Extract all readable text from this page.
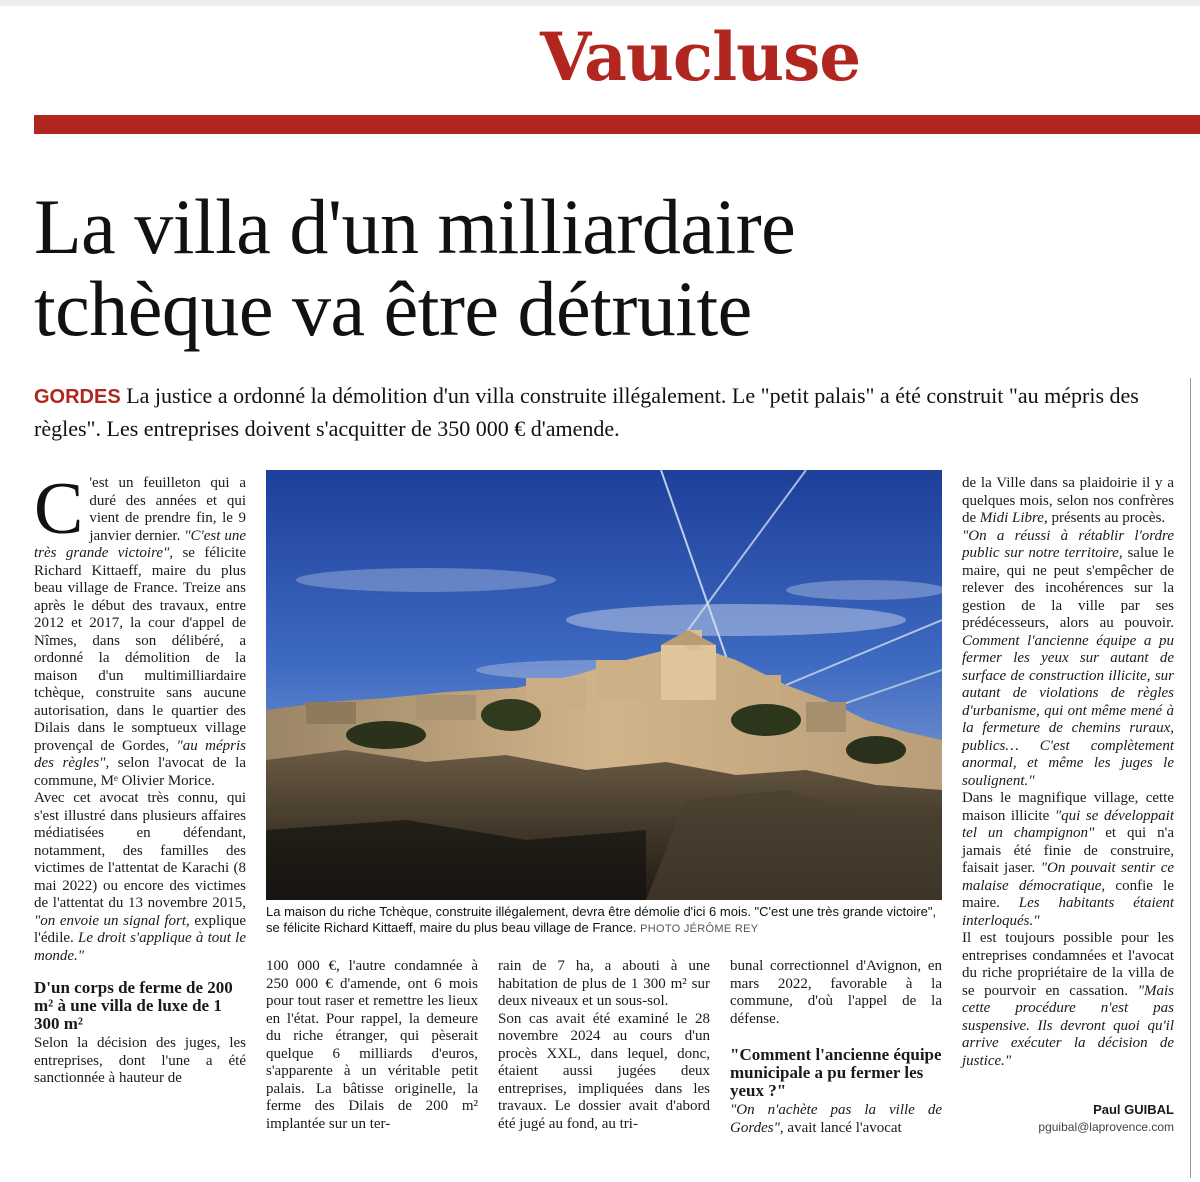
Vaucluse
La villa d'un milliardaire
tchèque va être détruite
GORDES La justice a ordonné la démolition d'un villa construite illégalement. Le "petit palais" a été construit "au mépris des règles". Les entreprises doivent s'acquitter de 350 000 € d'amende.

C 'est un feuilleton qui a duré des années et qui vient de prendre fin, le 9 janvier dernier. "C'est une très grande victoire", se félicite Richard Kittaeff, maire du plus beau village de France. Treize ans après le début des travaux, entre 2012 et 2017, la cour d'appel de Nîmes, dans son délibéré, a ordonné la démolition de la maison d'un multimilliardaire tchèque, construite sans aucune autorisation, dans le quartier des Dilais dans le somptueux village provençal de Gordes, "au mépris des règles", selon l'avocat de la commune, Mᵉ Olivier Morice.

Avec cet avocat très connu, qui s'est illustré dans plusieurs affaires médiatisées en défendant, notamment, des familles des victimes de l'attentat de Karachi (8 mai 2022) ou encore des victimes de l'attentat du 13 novembre 2015, "on envoie un signal fort, explique l'édile. Le droit s'applique à tout le monde."

D'un corps de ferme de 200 m² à une villa de luxe de 1 300 m²

Selon la décision des juges, les entreprises, dont l'une a été sanctionnée à hauteur de

La maison du riche Tchèque, construite illégalement, devra être démolie d'ici 6 mois. "C'est une très grande victoire", se félicite Richard Kittaeff, maire du plus beau village de France. PHOTO JÉRÔME REY

100 000 €, l'autre condamnée à 250 000 € d'amende, ont 6 mois pour tout raser et remettre les lieux en l'état. Pour rappel, la demeure du riche étranger, qui pèserait quelque 6 milliards d'euros, s'apparente à un véritable petit palais. La bâtisse originelle, la ferme des Dilais de 200 m² implantée sur un ter-

rain de 7 ha, a abouti à une habitation de plus de 1 300 m² sur deux niveaux et un sous-sol.

Son cas avait été examiné le 28 novembre 2024 au cours d'un procès XXL, dans lequel, donc, étaient aussi jugées deux entreprises, impliquées dans les travaux. Le dossier avait d'abord été jugé au fond, au tri-

bunal correctionnel d'Avignon, en mars 2022, favorable à la commune, d'où l'appel de la défense.

"Comment l'ancienne équipe municipale a pu fermer les yeux ?"

"On n'achète pas la ville de Gordes", avait lancé l'avocat

de la Ville dans sa plaidoirie il y a quelques mois, selon nos confrères de Midi Libre, présents au procès.

"On a réussi à rétablir l'ordre public sur notre territoire, salue le maire, qui ne peut s'empêcher de relever des incohérences sur la gestion de la ville par ses prédécesseurs, alors au pouvoir. Comment l'ancienne équipe a pu fermer les yeux sur autant de surface de construction illicite, sur autant de violations de règles d'urbanisme, qui ont même mené à la fermeture de chemins ruraux, publics… C'est complètement anormal, et même les juges le soulignent."

Dans le magnifique village, cette maison illicite "qui se développait tel un champignon" et qui n'a jamais été finie de construire, faisait jaser. "On pouvait sentir ce malaise démocratique, confie le maire. Les habitants étaient interloqués."

Il est toujours possible pour les entreprises condamnées et l'avocat du riche propriétaire de la villa de se pourvoir en cassation. "Mais cette procédure n'est pas suspensive. Ils devront quoi qu'il arrive exécuter la décision de justice."

Paul GUIBAL
pguibal@laprovence.com
